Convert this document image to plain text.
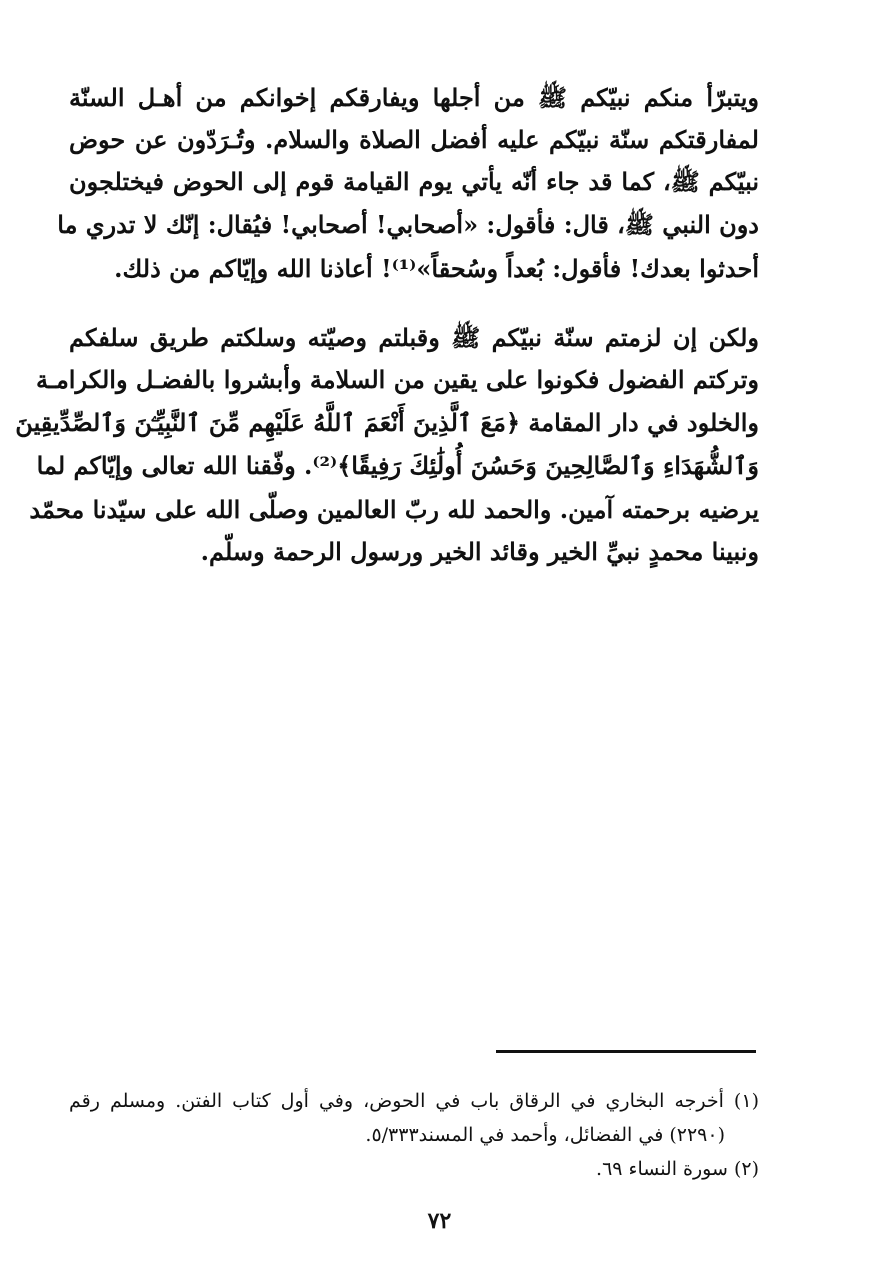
ويتبرّأ منكم نبيّكم ﷺ من أجلها ويفارقكم إخوانكم من أهـل السنّة
لمفارقتكم سنّة نبيّكم عليه أفضل الصلاة والسلام. وتُـرَدّون عن حوض
نبيّكم ﷺ، كما قد جاء أنّه يأتي يوم القيامة قوم إلى الحوض فيختلجون
دون النبي ﷺ، قال: فأقول: «أصحابي! أصحابي! فيُقال: إنّك لا تدري ما
أحدثوا بعدك! فأقول: بُعداً وسُحقاً»⁽¹⁾! أعاذنا الله وإيّاكم من ذلك.
ولكن إن لزمتم سنّة نبيّكم ﷺ وقبلتم وصيّته وسلكتم طريق سلفكم
وتركتم الفضول فكونوا على يقين من السلامة وأبشروا بالفضـل والكرامـة
والخلود في دار المقامة ﴿مَعَ ٱلَّذِينَ أَنْعَمَ ٱللَّهُ عَلَيْهِم مِّنَ ٱلنَّبِيِّـۧنَ وَٱلصِّدِّيقِينَ
وَٱلشُّهَدَاءِ وَٱلصَّالِحِينَ وَحَسُنَ أُولَٰئِكَ رَفِيقًا﴾⁽²⁾. وفّقنا الله تعالى وإيّاكم لما
يرضيه برحمته آمين. والحمد لله ربّ العالمين وصلّى الله على سيّدنا محمّد
ونبينا محمدٍ نبيِّ الخير وقائد الخير ورسول الرحمة وسلّم.
(١) أخرجه البخاري في الرقاق باب في الحوض، وفي أول كتاب الفتن. ومسلم رقم
(٢٢٩٠) في الفضائل، وأحمد في المسند٥/٣٣٣.
(٢) سورة النساء ٦٩.
٧٢
